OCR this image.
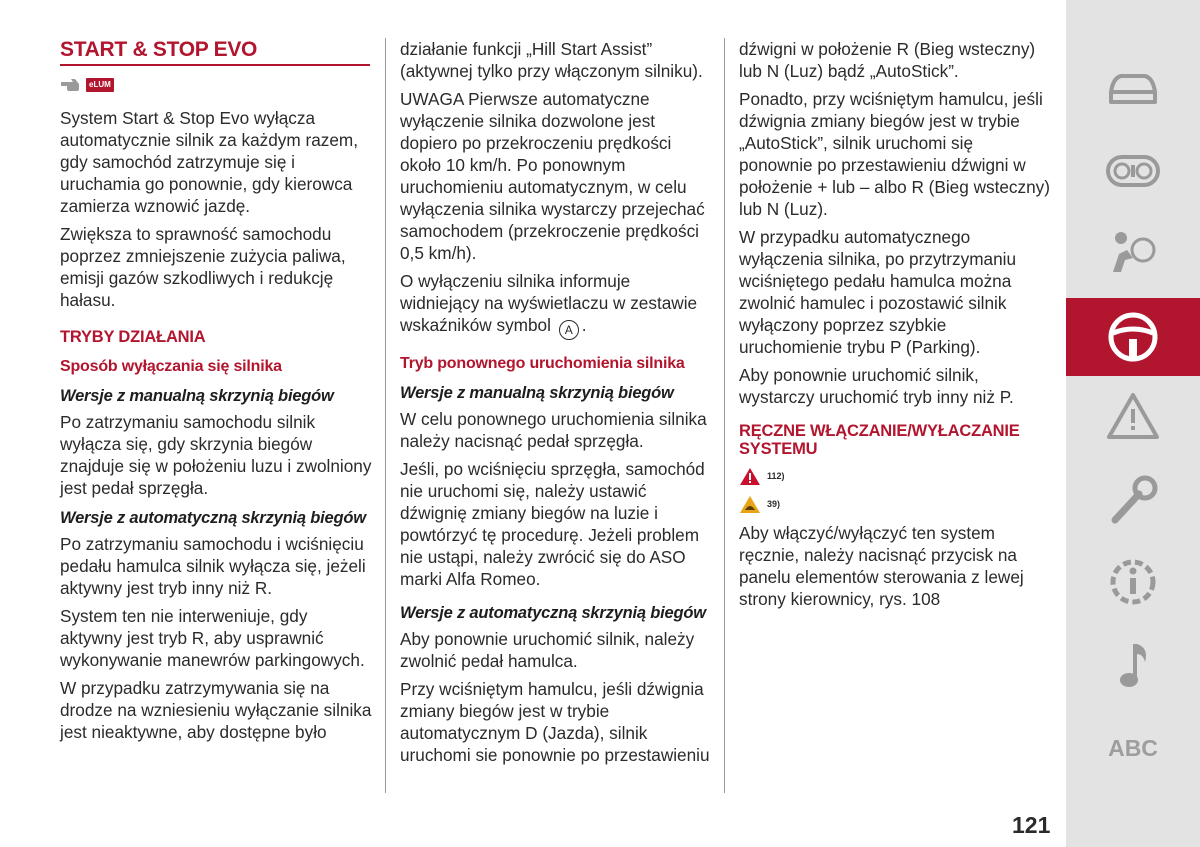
START & STOP EVO
eLUM

System Start & Stop Evo wyłącza automatycznie silnik za każdym razem, gdy samochód zatrzymuje się i uruchamia go ponownie, gdy kierowca zamierza wznowić jazdę.

Zwiększa to sprawność samochodu poprzez zmniejszenie zużycia paliwa, emisji gazów szkodliwych i redukcję hałasu.

TRYBY DZIAŁANIA
Sposób wyłączania się silnika
Wersje z manualną skrzynią biegów

Po zatrzymaniu samochodu silnik wyłącza się, gdy skrzynia biegów znajduje się w położeniu luzu i zwolniony jest pedał sprzęgła.

Wersje z automatyczną skrzynią biegów

Po zatrzymaniu samochodu i wciśnięciu pedału hamulca silnik wyłącza się, jeżeli aktywny jest tryb inny niż R.

System ten nie interweniuje, gdy aktywny jest tryb R, aby usprawnić wykonywanie manewrów parkingowych.

W przypadku zatrzymywania się na drodze na wzniesieniu wyłączanie silnika jest nieaktywne, aby dostępne było

działanie funkcji „Hill Start Assist” (aktywnej tylko przy włączonym silniku).

UWAGA Pierwsze automatyczne wyłączenie silnika dozwolone jest dopiero po przekroczeniu prędkości około 10 km/h. Po ponownym uruchomieniu automatycznym, w celu wyłączenia silnika wystarczy przejechać samochodem (przekroczenie prędkości 0,5 km/h).

O wyłączeniu silnika informuje widniejący na wyświetlaczu w zestawie wskaźników symbol A .

Tryb ponownego uruchomienia silnika
Wersje z manualną skrzynią biegów

W celu ponownego uruchomienia silnika należy nacisnąć pedał sprzęgła.

Jeśli, po wciśnięciu sprzęgła, samochód nie uruchomi się, należy ustawić dźwignię zmiany biegów na luzie i powtórzyć tę procedurę. Jeżeli problem nie ustąpi, należy zwrócić się do ASO marki Alfa Romeo.

Wersje z automatyczną skrzynią biegów

Aby ponownie uruchomić silnik, należy zwolnić pedał hamulca.

Przy wciśniętym hamulcu, jeśli dźwignia zmiany biegów jest w trybie automatycznym D (Jazda), silnik uruchomi sie ponownie po przestawieniu

dźwigni w położenie R (Bieg wsteczny) lub N (Luz) bądź „AutoStick”.

Ponadto, przy wciśniętym hamulcu, jeśli dźwignia zmiany biegów jest w trybie „AutoStick”, silnik uruchomi się ponownie po przestawieniu dźwigni w położenie + lub – albo R (Bieg wsteczny) lub N (Luz).

W przypadku automatycznego wyłączenia silnika, po przytrzymaniu wciśniętego pedału hamulca można zwolnić hamulec i pozostawić silnik wyłączony poprzez szybkie uruchomienie trybu P (Parking).

Aby ponownie uruchomić silnik, wystarczy uruchomić tryb inny niż P.

RĘCZNE WŁĄCZANIE/WYŁACZANIE SYSTEMU
112)
39)

Aby włączyć/wyłączyć ten system ręcznie, należy nacisnąć przycisk na panelu elementów sterowania z lewej strony kierownicy, rys. 108

ABC
121
